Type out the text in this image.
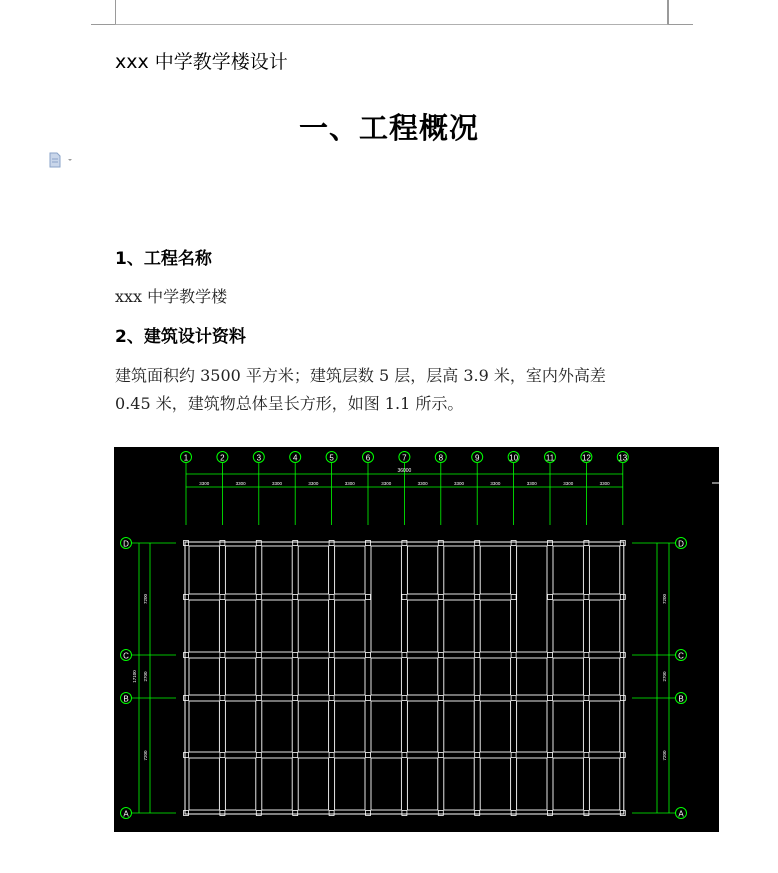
xxx 中学教学楼设计
一、工程概况
1、工程名称
xxx 中学教学楼
2、建筑设计资料
建筑面积约 3500 平方米；建筑层数 5 层，层高 3.9 米，室内外高差
0.45 米，建筑物总体呈长方形，如图 1.1 所示。
1	2	3	4	5	6	7	8	9	10	11	12	13
36000
3300	3300	3300	3300	3300	3300	3300	3300	3300	3300	3300	3300
D	D
C	C
B	B
A	A
7200
2700
7200
17100
7200
2700
7200
